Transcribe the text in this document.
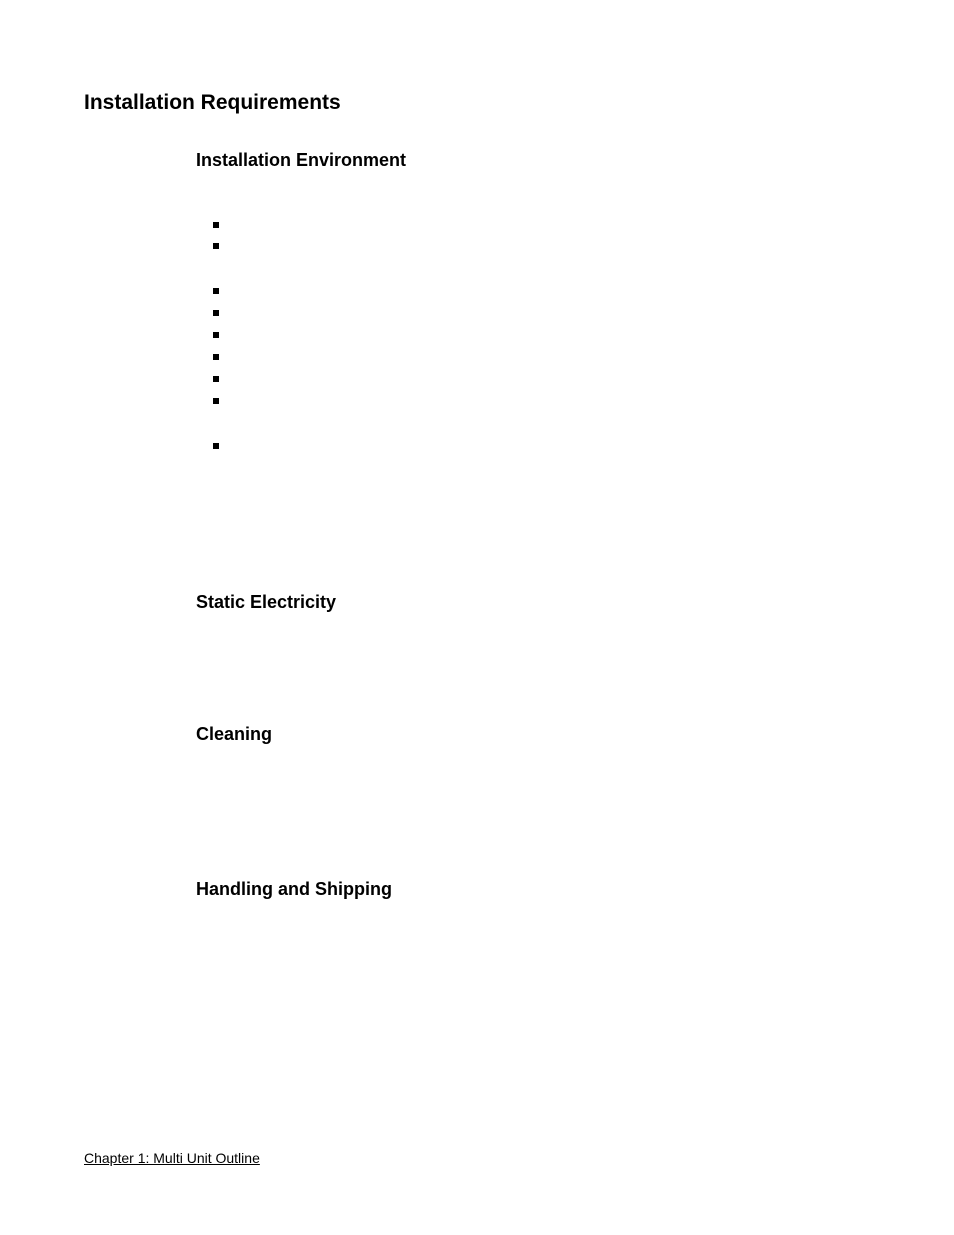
Installation Requirements
Installation Environment
Static Electricity
Cleaning
Handling and Shipping
Chapter 1: Multi Unit Outline
